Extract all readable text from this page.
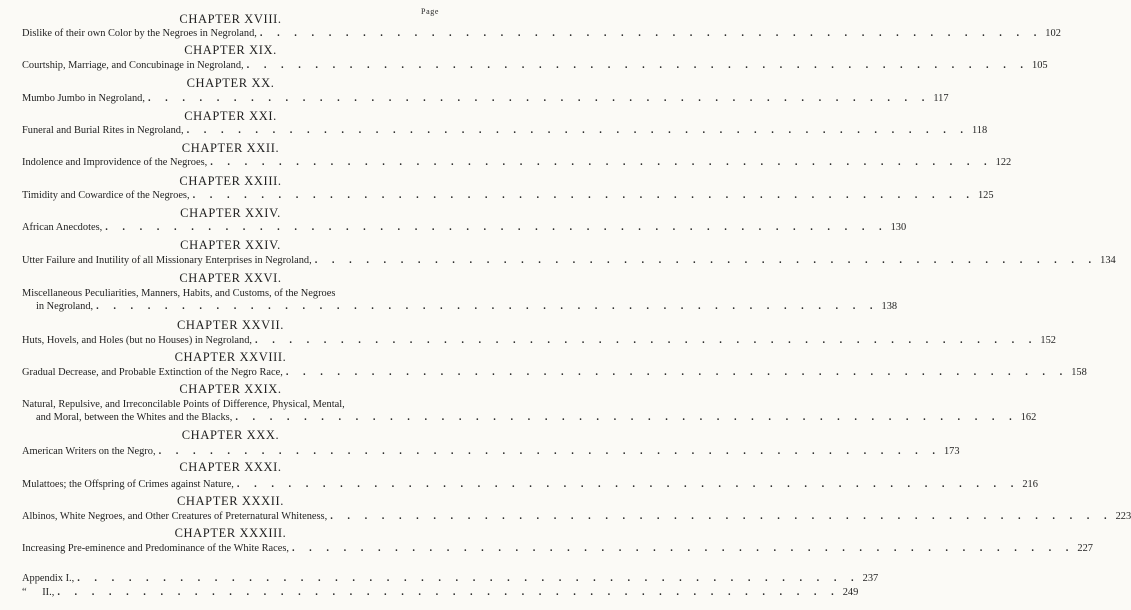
Page
CHAPTER XVIII.
Dislike of their own Color by the Negroes in Negroland, . . .	102
CHAPTER XIX.
Courtship, Marriage, and Concubinage in Negroland, . . .	105
CHAPTER XX.
Mumbo Jumbo in Negroland, . . .	117
CHAPTER XXI.
Funeral and Burial Rites in Negroland, . . .	118
CHAPTER XXII.
Indolence and Improvidence of the Negroes, . . .	122
CHAPTER XXIII.
Timidity and Cowardice of the Negroes, . . .	125
CHAPTER XXIV.
African Anecdotes, . . .	130
CHAPTER XXIV.
Utter Failure and Inutility of all Missionary Enterprises in Negroland, . . .	134
CHAPTER XXVI.
Miscellaneous Peculiarities, Manners, Habits, and Customs, of the Negroes
in Negroland, . . .	138
CHAPTER XXVII.
Huts, Hovels, and Holes (but no Houses) in Negroland, . . .	152
CHAPTER XXVIII.
Gradual Decrease, and Probable Extinction of the Negro Race, . . .	158
CHAPTER XXIX.
Natural, Repulsive, and Irreconcilable Points of Difference, Physical, Mental,
and Moral, between the Whites and the Blacks, . . .	162
CHAPTER XXX.
American Writers on the Negro, . . .	173
CHAPTER XXXI.
Mulattoes; the Offspring of Crimes against Nature, . . .	216
CHAPTER XXXII.
Albinos, White Negroes, and Other Creatures of Preternatural Whiteness, . . .	223
CHAPTER XXXIII.
Increasing Pre-eminence and Predominance of the White Races, . . .	227
Appendix I., . . .	237
“      II., . . .	249
